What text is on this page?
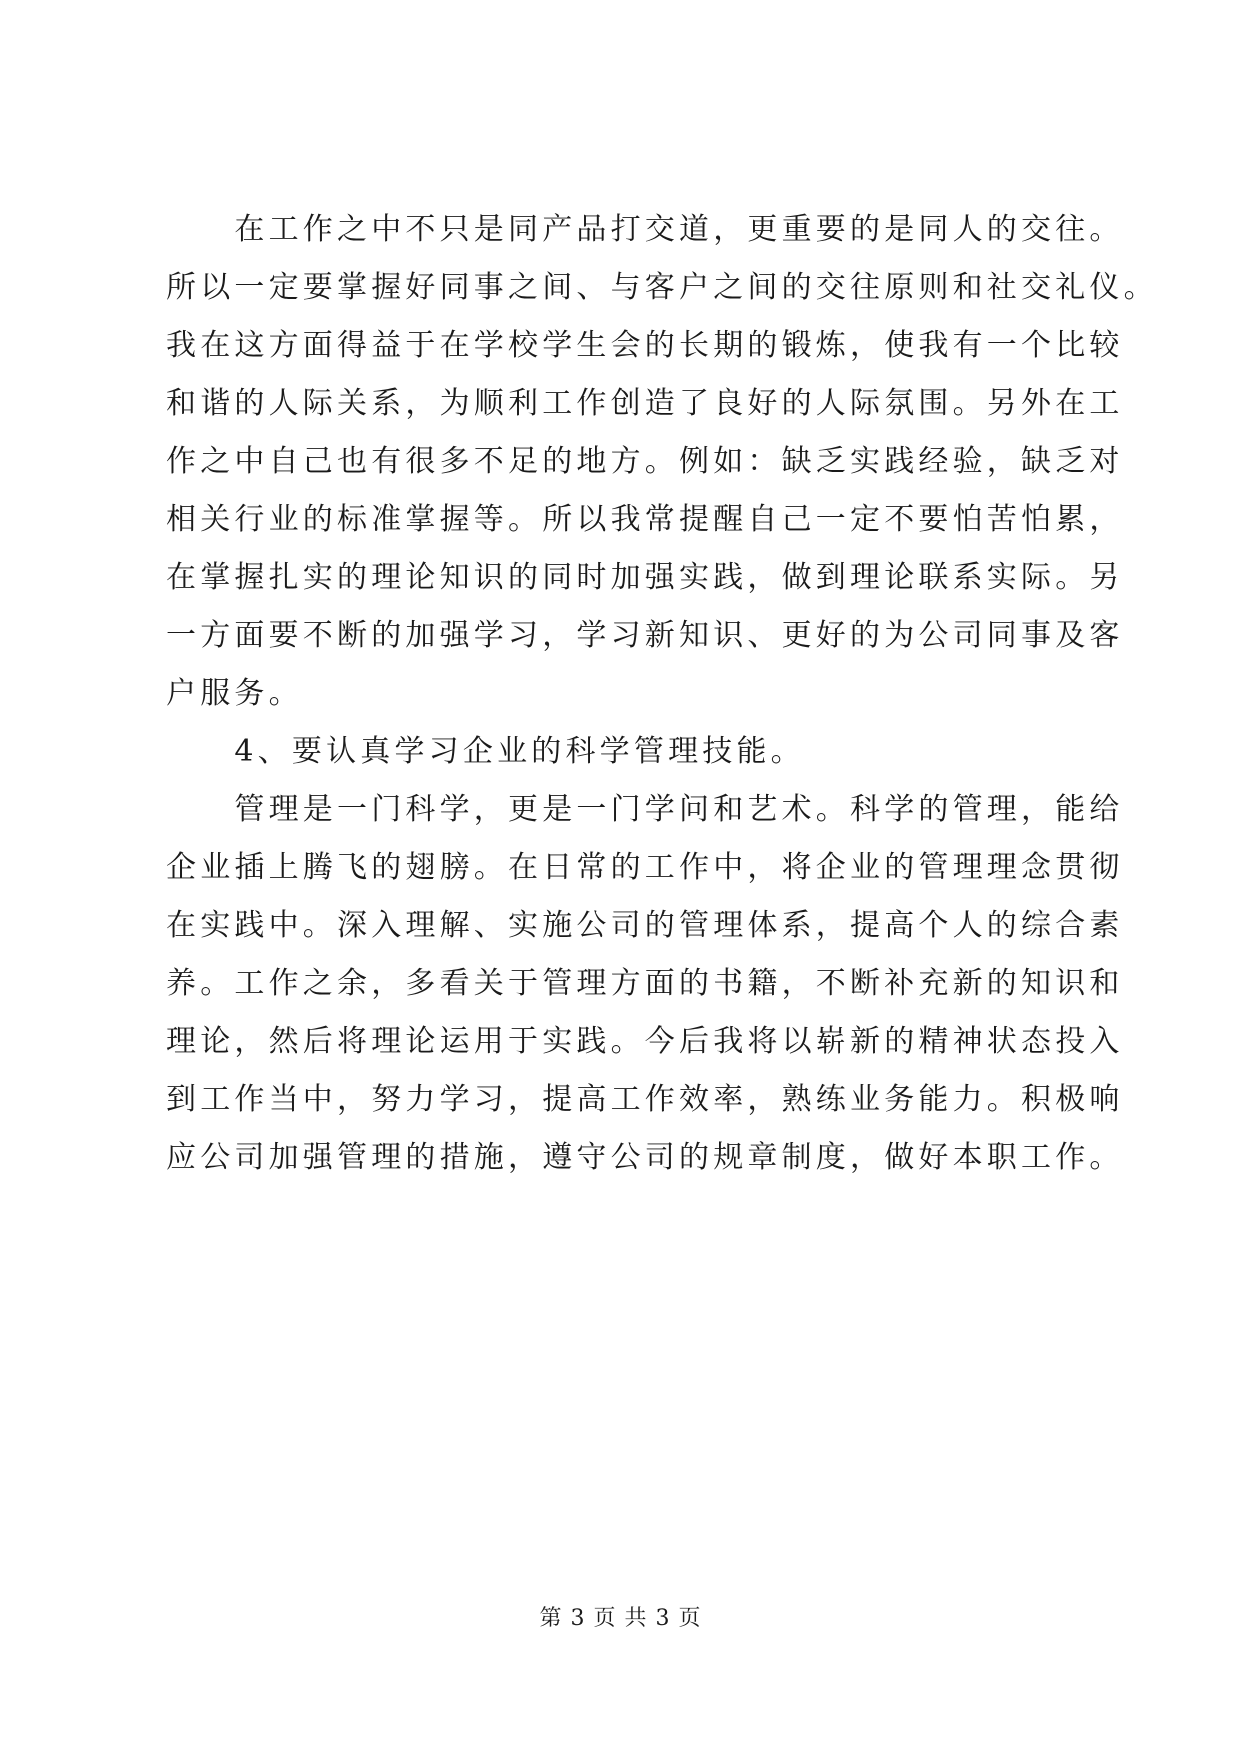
　　在工作之中不只是同产品打交道，更重要的是同人的交往。
所以一定要掌握好同事之间、与客户之间的交往原则和社交礼仪。
我在这方面得益于在学校学生会的长期的锻炼，使我有一个比较
和谐的人际关系，为顺利工作创造了良好的人际氛围。另外在工
作之中自己也有很多不足的地方。例如：缺乏实践经验，缺乏对
相关行业的标准掌握等。所以我常提醒自己一定不要怕苦怕累，
在掌握扎实的理论知识的同时加强实践，做到理论联系实际。另
一方面要不断的加强学习，学习新知识、更好的为公司同事及客
户服务。
　　4、要认真学习企业的科学管理技能。
　　管理是一门科学，更是一门学问和艺术。科学的管理，能给
企业插上腾飞的翅膀。在日常的工作中，将企业的管理理念贯彻
在实践中。深入理解、实施公司的管理体系，提高个人的综合素
养。工作之余，多看关于管理方面的书籍，不断补充新的知识和
理论，然后将理论运用于实践。今后我将以崭新的精神状态投入
到工作当中，努力学习，提高工作效率，熟练业务能力。积极响
应公司加强管理的措施，遵守公司的规章制度，做好本职工作。
第 3 页 共 3 页
